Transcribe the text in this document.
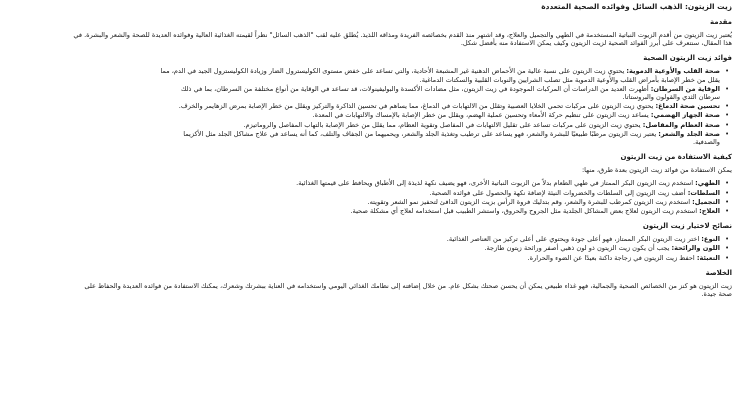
زيت الزيتون: الذهب السائل وفوائده الصحية المتعددة

مقدمة

يُعتبر زيت الزيتون من أقدم الزيوت النباتية المستخدمة في الطهي والتجميل والعلاج، وقد اشتهر منذ القدم بخصائصه الفريدة ومذاقه اللذيذ. يُطلق عليه لقب "الذهب السائل" نظراً لقيمته الغذائية العالية وفوائده العديدة للصحة والشعر والبشرة. في هذا المقال، سنتعرف على أبرز الفوائد الصحية لزيت الزيتون وكيف يمكن الاستفادة منه بأفضل شكل.

فوائد زيت الزيتون الصحية
• صحة القلب والأوعية الدموية: يحتوي زيت الزيتون على نسبة عالية من الأحماض الدهنية غير المشبعة الأحادية، والتي تساعد على خفض مستوى الكوليسترول الضار وزيادة الكوليسترول الجيد في الدم، مما يقلل من خطر الإصابة بأمراض القلب والأوعية الدموية مثل تصلب الشرايين والنوبات القلبية والسكتات الدماغية.
• الوقاية من السرطان: أظهرت العديد من الدراسات أن المركبات الموجودة في زيت الزيتون، مثل مضادات الأكسدة والبوليفينولات، قد تساعد في الوقاية من أنواع مختلفة من السرطان، بما في ذلك سرطان الثدي والقولون والبروستاتا.
• تحسين صحة الدماغ: يحتوي زيت الزيتون على مركبات تحمي الخلايا العصبية وتقلل من الالتهابات في الدماغ، مما يساهم في تحسين الذاكرة والتركيز ويقلل من خطر الإصابة بمرض الزهايمر والخرف.
• صحة الجهاز الهضمي: يساعد زيت الزيتون على تنظيم حركة الأمعاء وتحسين عملية الهضم، ويقلل من خطر الإصابة بالإمساك والالتهابات في المعدة.
• صحة العظام والمفاصل: يحتوي زيت الزيتون على مركبات تساعد على تقليل الالتهابات في المفاصل وتقوية العظام، مما يقلل من خطر الإصابة بالتهاب المفاصل والروماتيزم.
• صحة الجلد والشعر: يعتبر زيت الزيتون مرطبًا طبيعيًا للبشرة والشعر، فهو يساعد على ترطيب وتغذية الجلد والشعر، ويحميهما من الجفاف والتلف، كما أنه يساعد في علاج مشاكل الجلد مثل الأكزيما والصدفية.
كيفية الاستفادة من زيت الزيتون

يمكن الاستفادة من فوائد زيت الزيتون بعدة طرق، منها:

• الطهي: استخدم زيت الزيتون البكر الممتاز في طهي الطعام بدلاً من الزيوت النباتية الأخرى، فهو يضيف نكهة لذيذة إلى الأطباق ويحافظ على قيمتها الغذائية.
• السلطات: أضف زيت الزيتون إلى السلطات والخضروات النيئة لإضافة نكهة والحصول على فوائده الصحية.
• التجميل: استخدم زيت الزيتون كمرطب للبشرة والشعر، وقم بتدليك فروة الرأس بزيت الزيتون الدافئ لتحفيز نمو الشعر وتقويته.
• العلاج: استخدم زيت الزيتون لعلاج بعض المشاكل الجلدية مثل الجروح والحروق، واستشر الطبيب قبل استخدامه لعلاج أي مشكلة صحية.
نصائح لاختيار زيت الزيتون
• النوع: اختر زيت الزيتون البكر الممتاز، فهو أعلى جودة ويحتوي على أعلى تركيز من العناصر الغذائية.
• اللون والرائحة: يجب أن يكون زيت الزيتون ذو لون ذهبي أصفر ورائحة زيتون طازجة.
• التعبئة: احفظ زيت الزيتون في زجاجة داكنة بعيدًا عن الضوء والحرارة.
الخلاصة

زيت الزيتون هو كنز من الخصائص الصحية والجمالية، فهو غذاء طبيعي يمكن أن يحسن صحتك بشكل عام. من خلال إضافته إلى نظامك الغذائي اليومي واستخدامه في العناية ببشرتك وشعرك، يمكنك الاستفادة من فوائده العديدة والحفاظ على صحة جيدة.
